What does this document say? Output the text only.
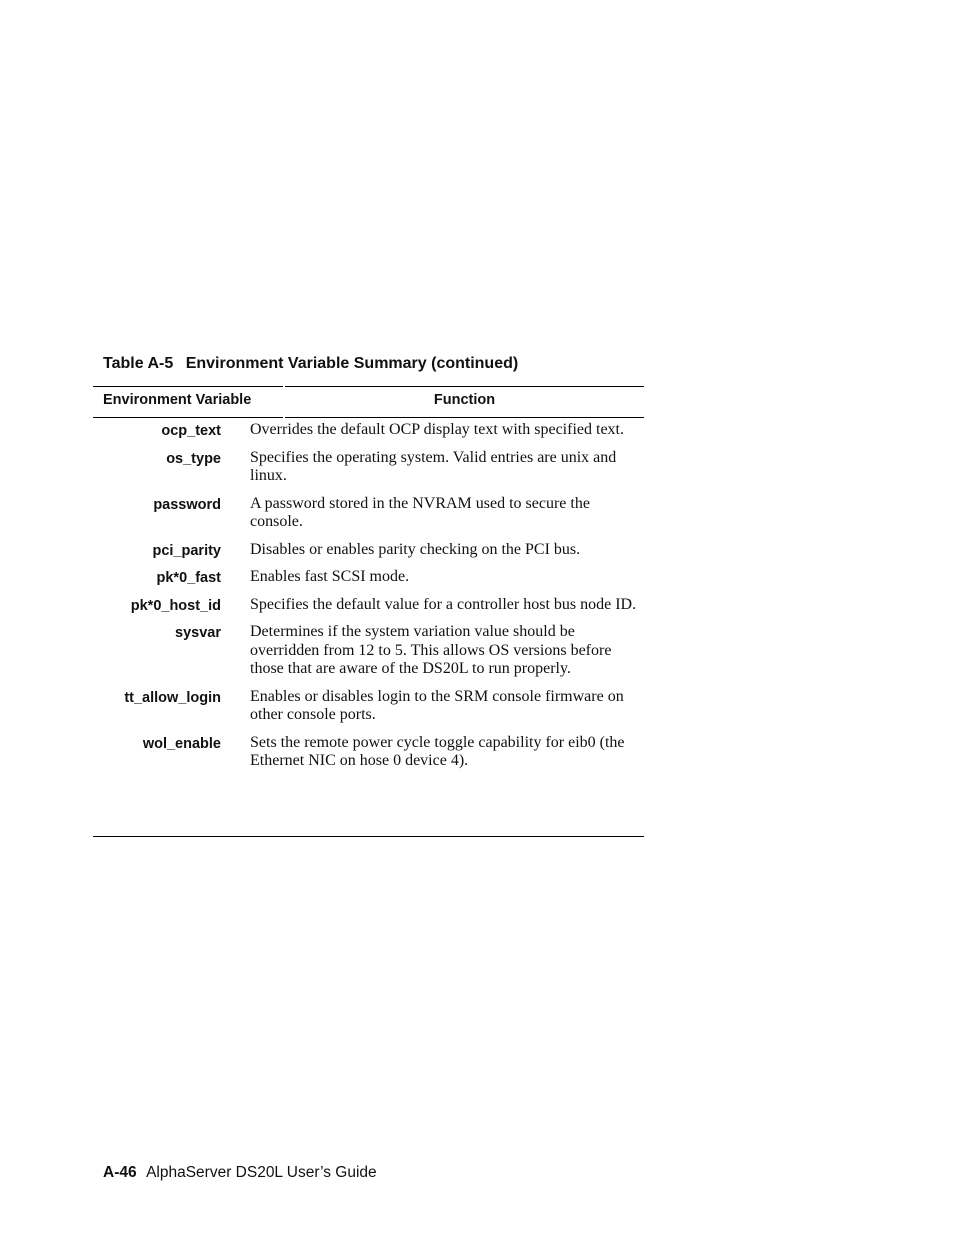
Table A-5 Environment Variable Summary (continued)
Environment Variable	Function
ocp_text Overrides the default OCP display text with specified text.
os_type Specifies the operating system. Valid entries are unix and linux.
password A password stored in the NVRAM used to secure the console.
pci_parity Disables or enables parity checking on the PCI bus.
pk*0_fast Enables fast SCSI mode.
pk*0_host_id Specifies the default value for a controller host bus node ID.
sysvar Determines if the system variation value should be overridden from 12 to 5. This allows OS versions before those that are aware of the DS20L to run properly.
tt_allow_login Enables or disables login to the SRM console firmware on other console ports.
wol_enable Sets the remote power cycle toggle capability for eib0 (the Ethernet NIC on hose 0 device 4).
A-46 AlphaServer DS20L User’s Guide
